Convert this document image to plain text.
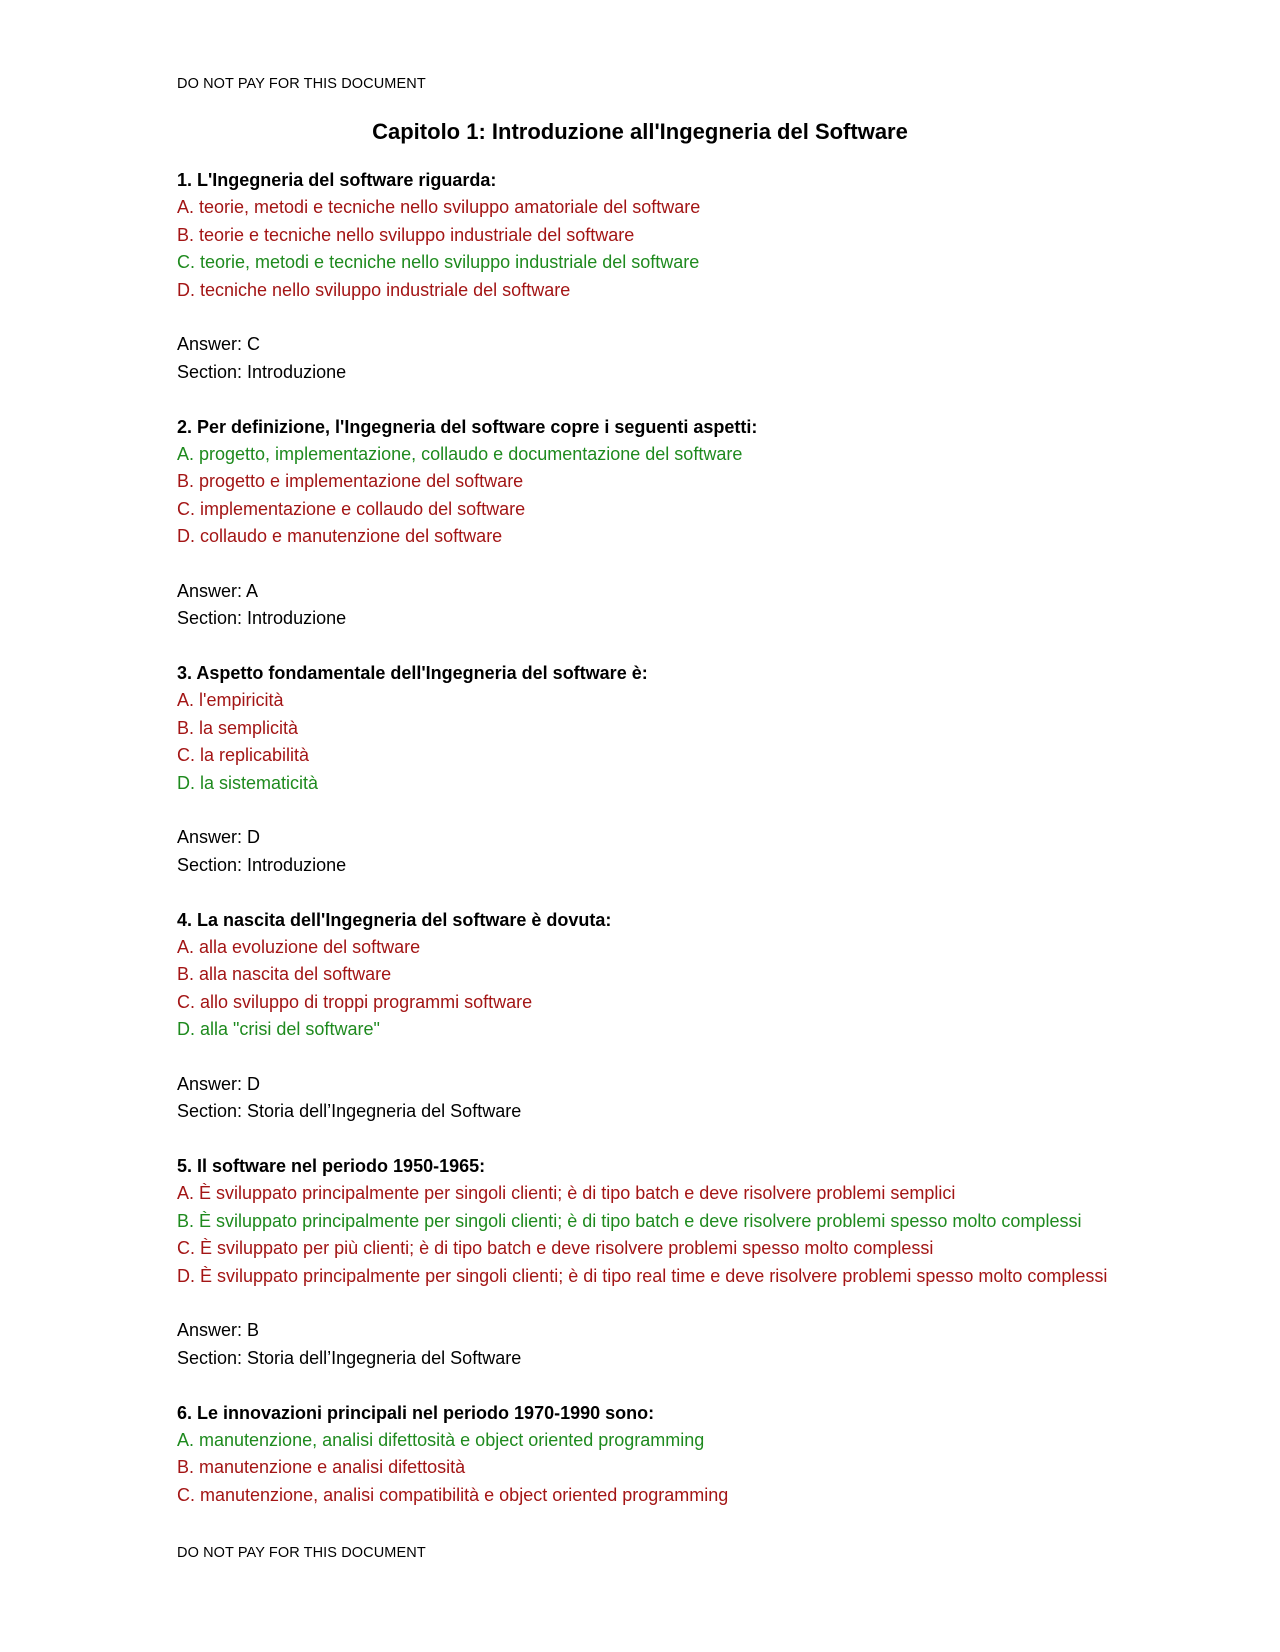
DO NOT PAY FOR THIS DOCUMENT
Capitolo 1: Introduzione all'Ingegneria del Software
1. L'Ingegneria del software riguarda:
A. teorie, metodi e tecniche nello sviluppo amatoriale del software
B. teorie e tecniche nello sviluppo industriale del software
C. teorie, metodi e tecniche nello sviluppo industriale del software
D. tecniche nello sviluppo industriale del software
Answer: C
Section: Introduzione
2. Per definizione, l'Ingegneria del software copre i seguenti aspetti:
A. progetto, implementazione, collaudo e documentazione del software
B. progetto e implementazione del software
C. implementazione e collaudo del software
D. collaudo e manutenzione del software
Answer: A
Section: Introduzione
3. Aspetto fondamentale dell'Ingegneria del software è:
A. l'empiricità
B. la semplicità
C. la replicabilità
D. la sistematicità
Answer: D
Section: Introduzione
4. La nascita dell'Ingegneria del software è dovuta:
A. alla evoluzione del software
B. alla nascita del software
C. allo sviluppo di troppi programmi software
D. alla "crisi del software"
Answer: D
Section: Storia dell’Ingegneria del Software
5. Il software nel periodo 1950-1965:
A. È sviluppato principalmente per singoli clienti; è di tipo batch e deve risolvere problemi semplici
B. È sviluppato principalmente per singoli clienti; è di tipo batch e deve risolvere problemi spesso molto complessi
C. È sviluppato per più clienti; è di tipo batch e deve risolvere problemi spesso molto complessi
D. È sviluppato principalmente per singoli clienti; è di tipo real time e deve risolvere problemi spesso molto complessi
Answer: B
Section: Storia dell’Ingegneria del Software
6. Le innovazioni principali nel periodo 1970-1990 sono:
A. manutenzione, analisi difettosità e object oriented programming
B. manutenzione e analisi difettosità
C. manutenzione, analisi compatibilità e object oriented programming
DO NOT PAY FOR THIS DOCUMENT
